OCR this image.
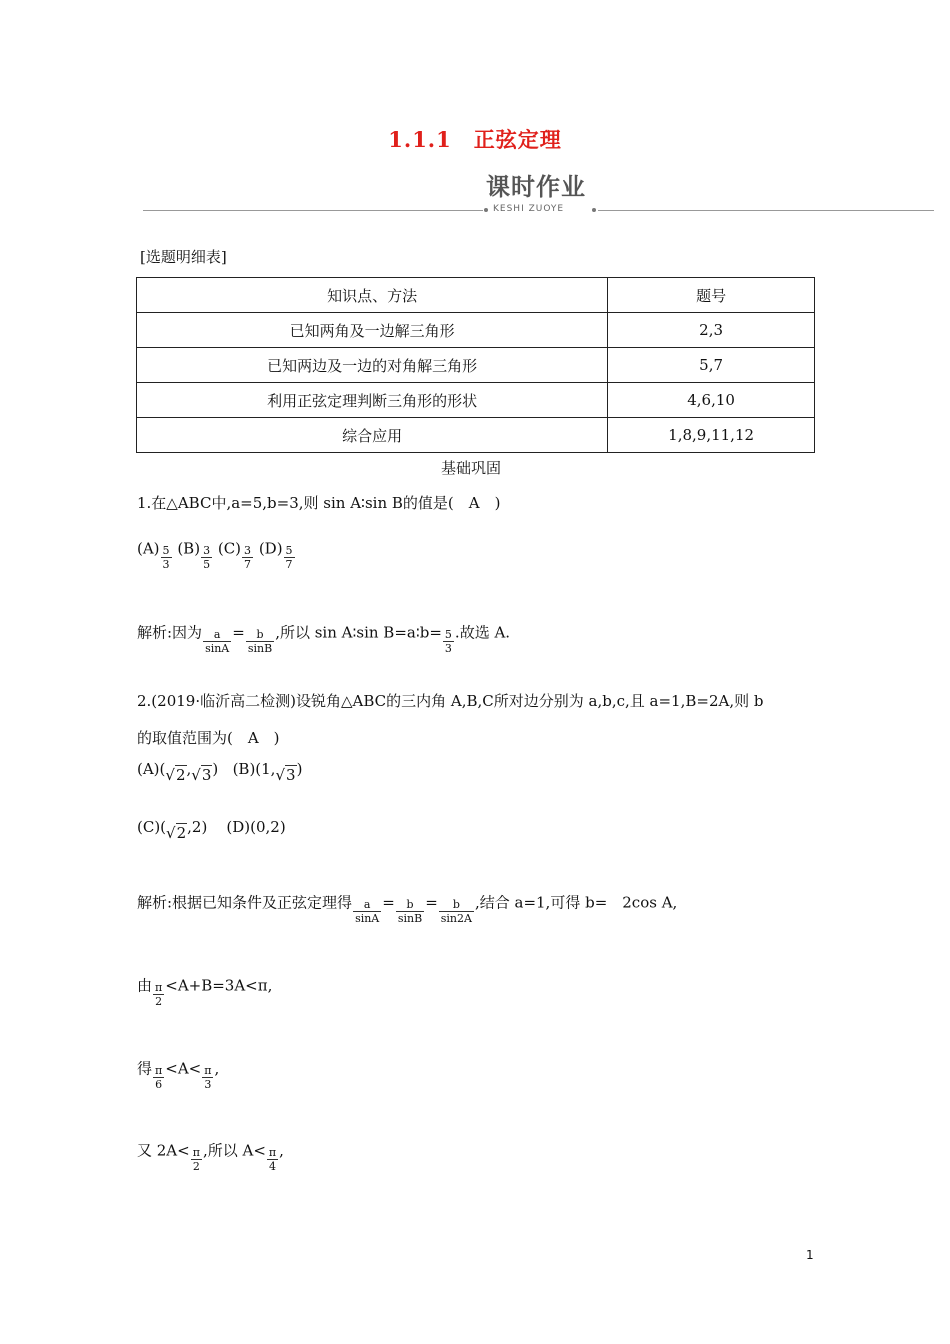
1.1.1　正弦定理
课时作业
KESHI ZUOYE
[选题明细表]
知识点、方法	题号
已知两角及一边解三角形	2,3
已知两边及一边的对角解三角形	5,7
利用正弦定理判断三角形的形状	4,6,10
综合应用	1,8,9,11,12
基础巩固
1.在△ABC中,a=5,b=3,则 sin A∶sin B的值是(　A　)
$(A) \frac{5}{3} (B) \frac{3}{5} (C) \frac{3}{7} (D) \frac{5}{7}$
解析:因为 $\frac{a}{\sin A} = \frac{b}{\sin B}$ ,所以 sin A∶sin B=a∶b= $\frac{5}{3}$ .故选 A.
2.(2019·临沂高二检测)设锐角△ABC的三内角 A,B,C所对边分别为 a,b,c,且 a=1,B=2A,则 b
的取值范围为(　A　)
(A)(√2,√3) (B)(1,√3)
(C)(√2,2) (D)(0,2)
解析:根据已知条件及正弦定理得 $\frac{a}{\sin A} = \frac{b}{\sin B} = \frac{b}{\sin 2A}$ ,结合 a=1,可得 b=　2cos A,
由 $\frac{\pi}{2} <A+B=3A<\pi$,
得 $\frac{\pi}{6} <A< \frac{\pi}{3}$ ,
又 $2A< \frac{\pi}{2}$ ,所以 $A< \frac{\pi}{4}$ ,
1
